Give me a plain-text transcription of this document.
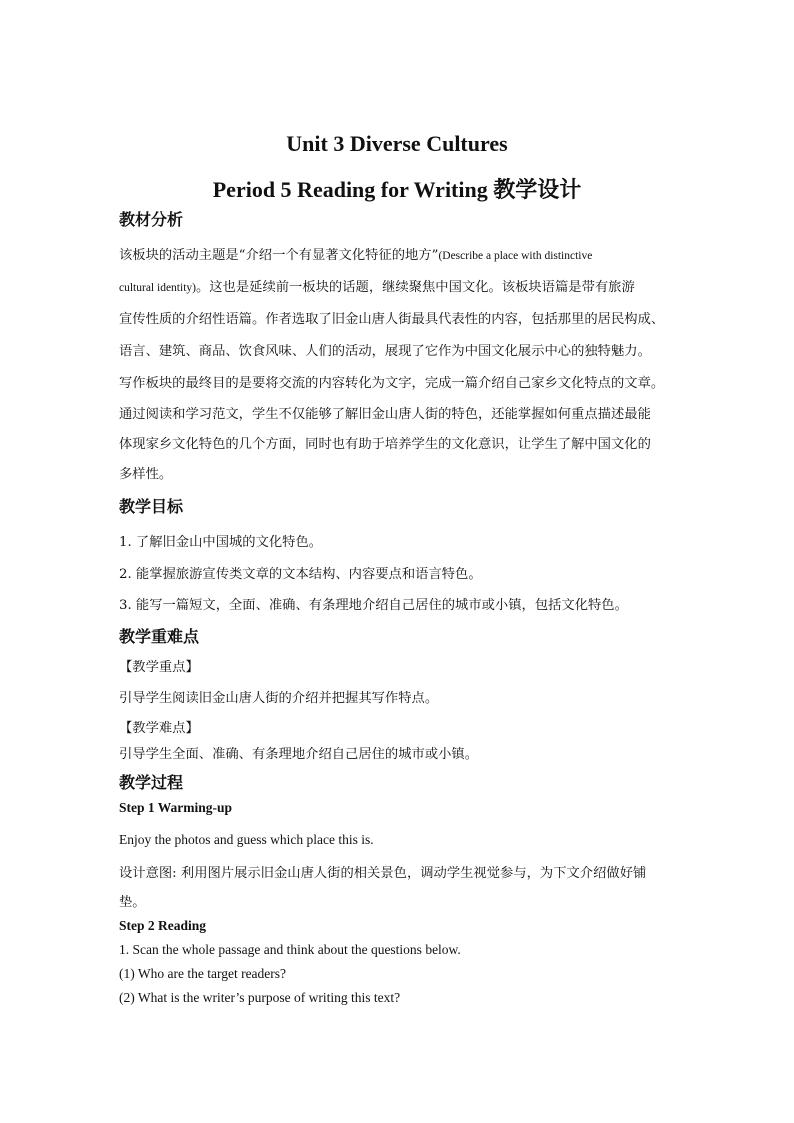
Unit 3 Diverse Cultures
Period 5 Reading for Writing 教学设计
教材分析
该板块的活动主题是“介绍一个有显著文化特征的地方”(Describe a place with distinctive
cultural identity)。这也是延续前一板块的话题，继续聚焦中国文化。该板块语篇是带有旅游
宣传性质的介绍性语篇。作者选取了旧金山唐人街最具代表性的内容，包括那里的居民构成、
语言、建筑、商品、饮食风味、人们的活动，展现了它作为中国文化展示中心的独特魅力。
写作板块的最终目的是要将交流的内容转化为文字，完成一篇介绍自己家乡文化特点的文章。
通过阅读和学习范文，学生不仅能够了解旧金山唐人街的特色，还能掌握如何重点描述最能
体现家乡文化特色的几个方面，同时也有助于培养学生的文化意识，让学生了解中国文化的
多样性。
教学目标
1. 了解旧金山中国城的文化特色。
2. 能掌握旅游宣传类文章的文本结构、内容要点和语言特色。
3. 能写一篇短文，全面、准确、有条理地介绍自己居住的城市或小镇，包括文化特色。
教学重难点
【教学重点】
引导学生阅读旧金山唐人街的介绍并把握其写作特点。
【教学难点】
引导学生全面、准确、有条理地介绍自己居住的城市或小镇。
教学过程
Step 1 Warming-up
Enjoy the photos and guess which place this is.
设计意图: 利用图片展示旧金山唐人街的相关景色，调动学生视觉参与，为下文介绍做好铺
垫。
Step 2 Reading
1. Scan the whole passage and think about the questions below.
(1) Who are the target readers?
(2) What is the writer’s purpose of writing this text?
